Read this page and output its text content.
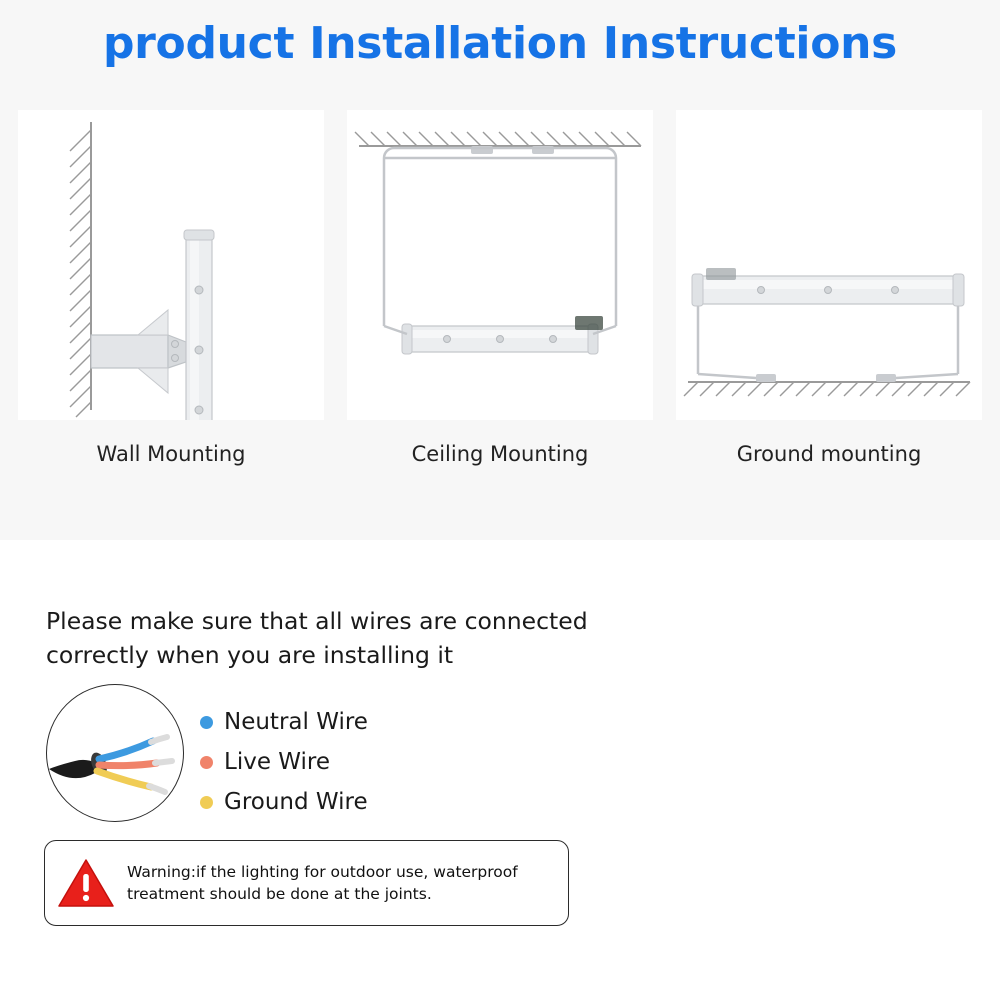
product Installation Instructions
Wall Mounting	Ceiling Mounting	Ground mounting
Please make sure that all wires are connected
correctly when you are installing it
Neutral Wire
Live Wire
Ground Wire
Warning:if the lighting for outdoor use, waterproof
treatment should be done at the joints.
